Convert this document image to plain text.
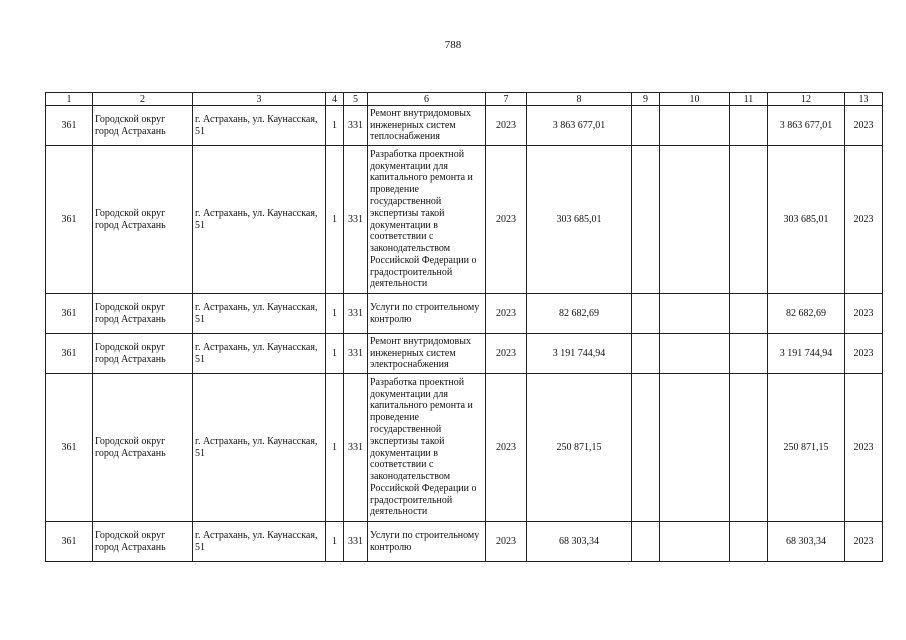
788
1	2	3	4	5	6	7	8	9	10	11	12	13
361	Городской округ город Астрахань	г. Астрахань, ул. Каунасская, 51	1	331	Ремонт внутридомовых инженерных систем теплоснабжения	2023	3 863 677,01				3 863 677,01	2023
361	Городской округ город Астрахань	г. Астрахань, ул. Каунасская, 51	1	331	Разработка проектной документации для капитального ремонта и проведение государственной экспертизы такой документации в соответствии с законодательством Российской Федерации о градостроительной деятельности	2023	303 685,01				303 685,01	2023
361	Городской округ город Астрахань	г. Астрахань, ул. Каунасская, 51	1	331	Услуги по строительному контролю	2023	82 682,69				82 682,69	2023
361	Городской округ город Астрахань	г. Астрахань, ул. Каунасская, 51	1	331	Ремонт внутридомовых инженерных систем электроснабжения	2023	3 191 744,94				3 191 744,94	2023
361	Городской округ город Астрахань	г. Астрахань, ул. Каунасская, 51	1	331	Разработка проектной документации для капитального ремонта и проведение государственной экспертизы такой документации в соответствии с законодательством Российской Федерации о градостроительной деятельности	2023	250 871,15				250 871,15	2023
361	Городской округ город Астрахань	г. Астрахань, ул. Каунасская, 51	1	331	Услуги по строительному контролю	2023	68 303,34				68 303,34	2023
